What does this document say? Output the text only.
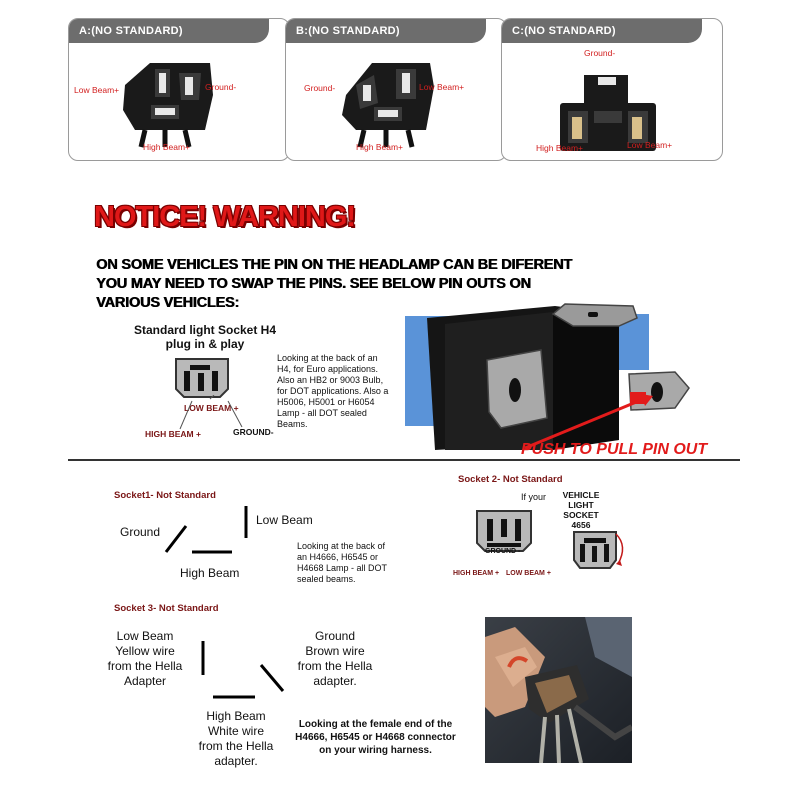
A:(NO STANDARD)
Low Beam+	Ground-
High Beam+
B:(NO STANDARD)
Ground-	Low Beam+
High Beam+
C:(NO STANDARD)
Ground-
High Beam+	Low Beam+
NOTICE! WARNING!
ON SOME VEHICLES THE PIN ON THE HEADLAMP CAN BE DIFERENT
YOU MAY NEED TO SWAP THE PINS. SEE BELOW PIN OUTS ON
VARIOUS VEHICLES:
Standard light Socket H4
plug in & play
LOW BEAM +
HIGH BEAM +	GROUND-
Looking at the back of an
H4, for Euro applications.
Also an HB2 or 9003 Bulb,
for DOT applications. Also a
H5006, H5001 or H6054
Lamp - all DOT sealed
Beams.
PUSH TO PULL PIN OUT
Socket1- Not Standard
Ground
Low Beam
High Beam
Looking at the back of
an H4666, H6545 or
H4668 Lamp - all DOT
sealed beams.
Socket 2- Not Standard
If your	VEHICLE
LIGHT
SOCKET
4656
GROUND -
HIGH BEAM + LOW BEAM +
Socket 3- Not Standard
Low Beam
Yellow wire
from the Hella
Adapter
Ground
Brown wire
from the Hella
adapter.
High Beam
White wire
from the Hella
adapter.
Looking at the female end of the
H4666, H6545 or H4668 connector
on your wiring harness.
